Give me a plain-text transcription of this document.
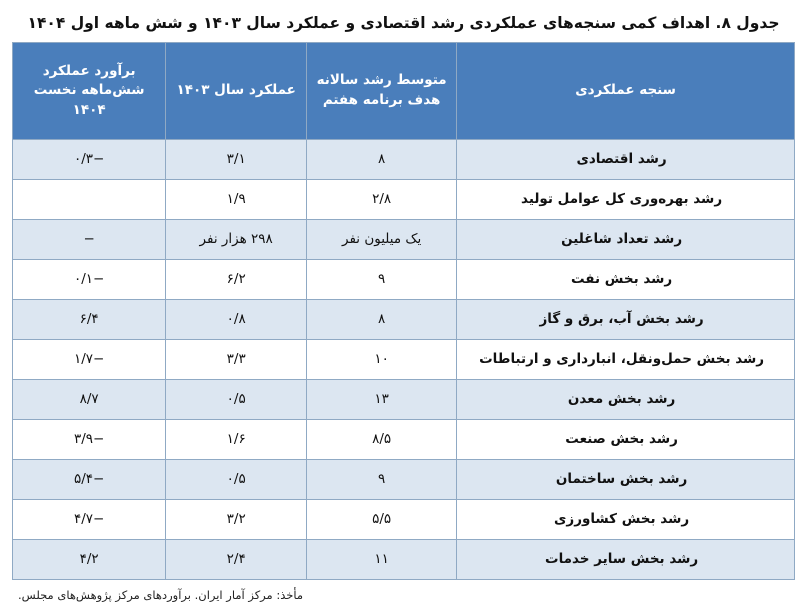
جدول ۸. اهداف کمی سنجه‌های عملکردی رشد اقتصادی و عملکرد سال ۱۴۰۳ و شش ماهه اول ۱۴۰۴
سنجه عملکردی	متوسط رشد سالانه هدف برنامه هفتم	عملکرد سال ۱۴۰۳	برآورد عملکرد شش‌ماهه نخست ۱۴۰۴
رشد اقتصادی	۸	۳/۱	−۰/۳
رشد بهره‌وری کل عوامل تولید	۲/۸	۱/۹	
رشد تعداد شاغلین	یک میلیون نفر	۲۹۸ هزار نفر	−
رشد بخش نفت	۹	۶/۲	−۰/۱
رشد بخش آب، برق و گاز	۸	۰/۸	۶/۴
رشد بخش حمل‌ونقل، انبارداری و ارتباطات	۱۰	۳/۳	−۱/۷
رشد بخش معدن	۱۳	۰/۵	۸/۷
رشد بخش صنعت	۸/۵	۱/۶	−۳/۹
رشد بخش ساختمان	۹	۰/۵	−۵/۴
رشد بخش کشاورزی	۵/۵	۳/۲	−۴/۷
رشد بخش سایر خدمات	۱۱	۲/۴	۴/۲
مأخذ: مرکز آمار ایران. برآوردهای مرکز پژوهش‌های مجلس.
